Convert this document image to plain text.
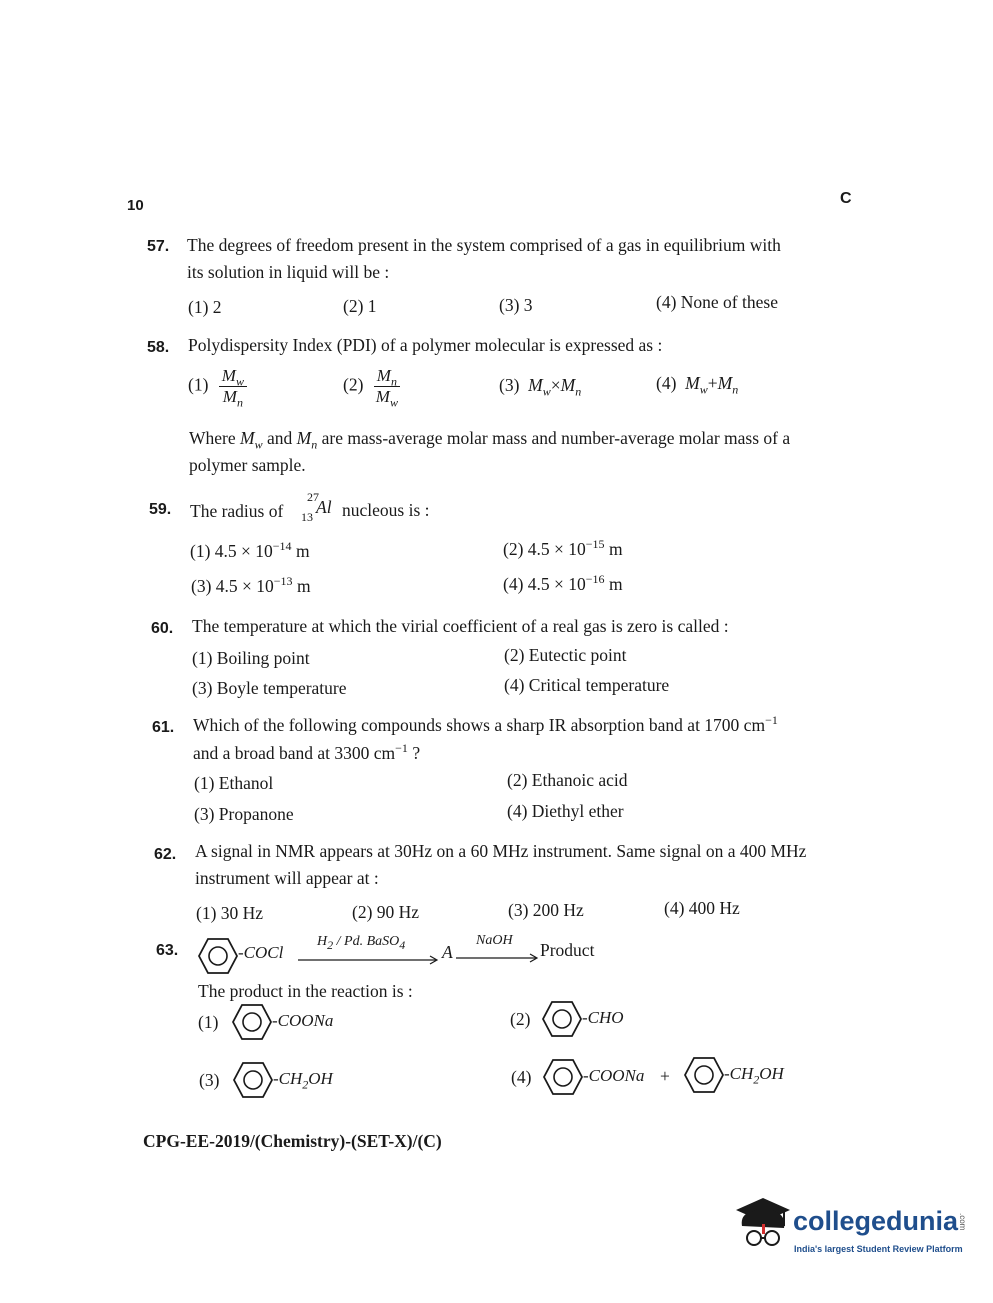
10	C
57. The degrees of freedom present in the system comprised of a gas in equilibrium with
its solution in liquid will be :
(1) 2	(2) 1	(3) 3	(4) None of these
58. Polydispersity Index (PDI) of a polymer molecular is expressed as :
$(1) \frac{M_w}{M_n}$	$(2) \frac{M_n}{M_w}$	(3) $M_w\times M_n$	(4) $M_w+M_n$
Where $M_w$ and $M_n$ are mass-average molar mass and number-average molar mass of a
polymer sample.
59. The radius of
27
13 Al nucleous is :
(1) $4.5 \times 10^{-14}$ m	(2) $4.5 \times 10^{-15}$ m
(3) $4.5 \times 10^{-13}$ m	(4) $4.5 \times 10^{-16}$ m
60. The temperature at which the virial coefficient of a real gas is zero is called :
(1) Boiling point	(2) Eutectic point
(3) Boyle temperature	(4) Critical temperature
61. Which of the following compounds shows a sharp IR absorption band at 1700 $cm^{-1}$
and a broad band at 3300 $cm^{-1}$ ?
(1) Ethanol	(2) Ethanoic acid
(3) Propanone	(4) Diethyl ether
62. A signal in NMR appears at 30Hz on a 60 MHz instrument. Same signal on a 400 MHz
instrument will appear at :
(1) 30 Hz	(2) 90 Hz	(3) 200 Hz	(4) 400 Hz
63.	-COCl
$H_2$ / Pd. BaSO$_4$ A
NaOH Product
The product in the reaction is :
(1)	-COONa	(2)	-CHO
(3)	$-CH_2OH$	(4)	-COONa +	$-CH_2OH$
CPG-EE-2019/(Chemistry)-(SET-X)/(C)
collegedunia.com
India's largest Student Review Platform
